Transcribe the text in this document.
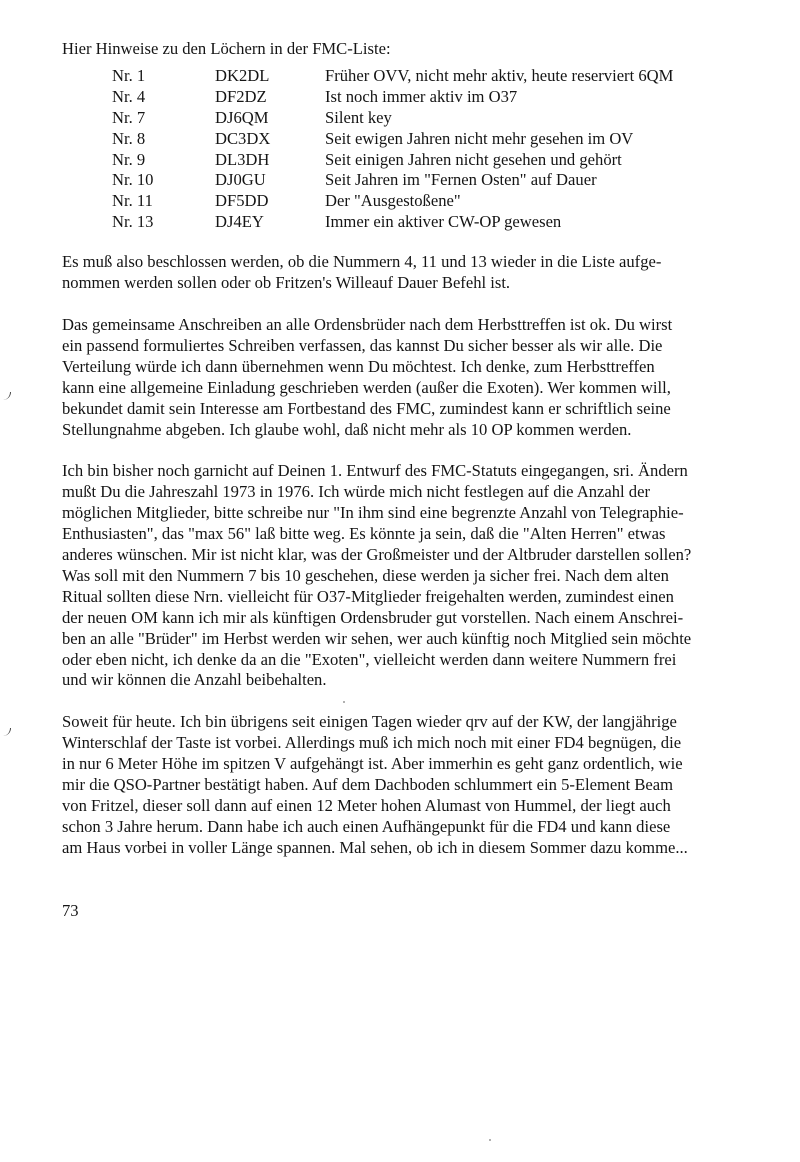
Hier Hinweise zu den Löchern in der FMC-Liste:

Nr. 1	DK2DL	Früher OVV, nicht mehr aktiv, heute reserviert 6QM
Nr. 4	DF2DZ	Ist noch immer aktiv im O37
Nr. 7	DJ6QM	Silent key
Nr. 8	DC3DX	Seit ewigen Jahren nicht mehr gesehen im OV
Nr. 9	DL3DH	Seit einigen Jahren nicht gesehen und gehört
Nr. 10	DJ0GU	Seit Jahren im "Fernen Osten" auf Dauer
Nr. 11	DF5DD	Der "Ausgestoßene"
Nr. 13	DJ4EY	Immer ein aktiver CW-OP gewesen

Es muß also beschlossen werden, ob die Nummern 4, 11 und 13 wieder in die Liste aufge-
nommen werden sollen oder ob Fritzen's Willeauf Dauer Befehl ist.

Das gemeinsame Anschreiben an alle Ordensbrüder nach dem Herbsttreffen ist ok. Du wirst
ein passend formuliertes Schreiben verfassen, das kannst Du sicher besser als wir alle. Die
Verteilung würde ich dann übernehmen wenn Du möchtest. Ich denke, zum Herbsttreffen
kann eine allgemeine Einladung geschrieben werden (außer die Exoten). Wer kommen will,
bekundet damit sein Interesse am Fortbestand des FMC, zumindest kann er schriftlich seine
Stellungnahme abgeben. Ich glaube wohl, daß nicht mehr als 10 OP kommen werden.

Ich bin bisher noch garnicht auf Deinen 1. Entwurf des FMC-Statuts eingegangen, sri. Ändern
mußt Du die Jahreszahl 1973 in 1976. Ich würde mich nicht festlegen auf die Anzahl der
möglichen Mitglieder, bitte schreibe nur "In ihm sind eine begrenzte Anzahl von Telegraphie-
Enthusiasten", das "max 56" laß bitte weg. Es könnte ja sein, daß die "Alten Herren" etwas
anderes wünschen. Mir ist nicht klar, was der Großmeister und der Altbruder darstellen sollen?
Was soll mit den Nummern 7 bis 10 geschehen, diese werden ja sicher frei. Nach dem alten
Ritual sollten diese Nrn. vielleicht für O37-Mitglieder freigehalten werden, zumindest einen
der neuen OM kann ich mir als künftigen Ordensbruder gut vorstellen. Nach einem Anschrei-
ben an alle "Brüder" im Herbst werden wir sehen, wer auch künftig noch Mitglied sein möchte
oder eben nicht, ich denke da an die "Exoten", vielleicht werden dann weitere Nummern frei
und wir können die Anzahl beibehalten.

Soweit für heute. Ich bin übrigens seit einigen Tagen wieder qrv auf der KW, der langjährige
Winterschlaf der Taste ist vorbei. Allerdings muß ich mich noch mit einer FD4 begnügen, die
in nur 6 Meter Höhe im spitzen V aufgehängt ist. Aber immerhin es geht ganz ordentlich, wie
mir die QSO-Partner bestätigt haben. Auf dem Dachboden schlummert ein 5-Element Beam
von Fritzel, dieser soll dann auf einen 12 Meter hohen Alumast von Hummel, der liegt auch
schon 3 Jahre herum. Dann habe ich auch einen Aufhängepunkt für die FD4 und kann diese
am Haus vorbei in voller Länge spannen. Mal sehen, ob ich in diesem Sommer dazu komme...

73
